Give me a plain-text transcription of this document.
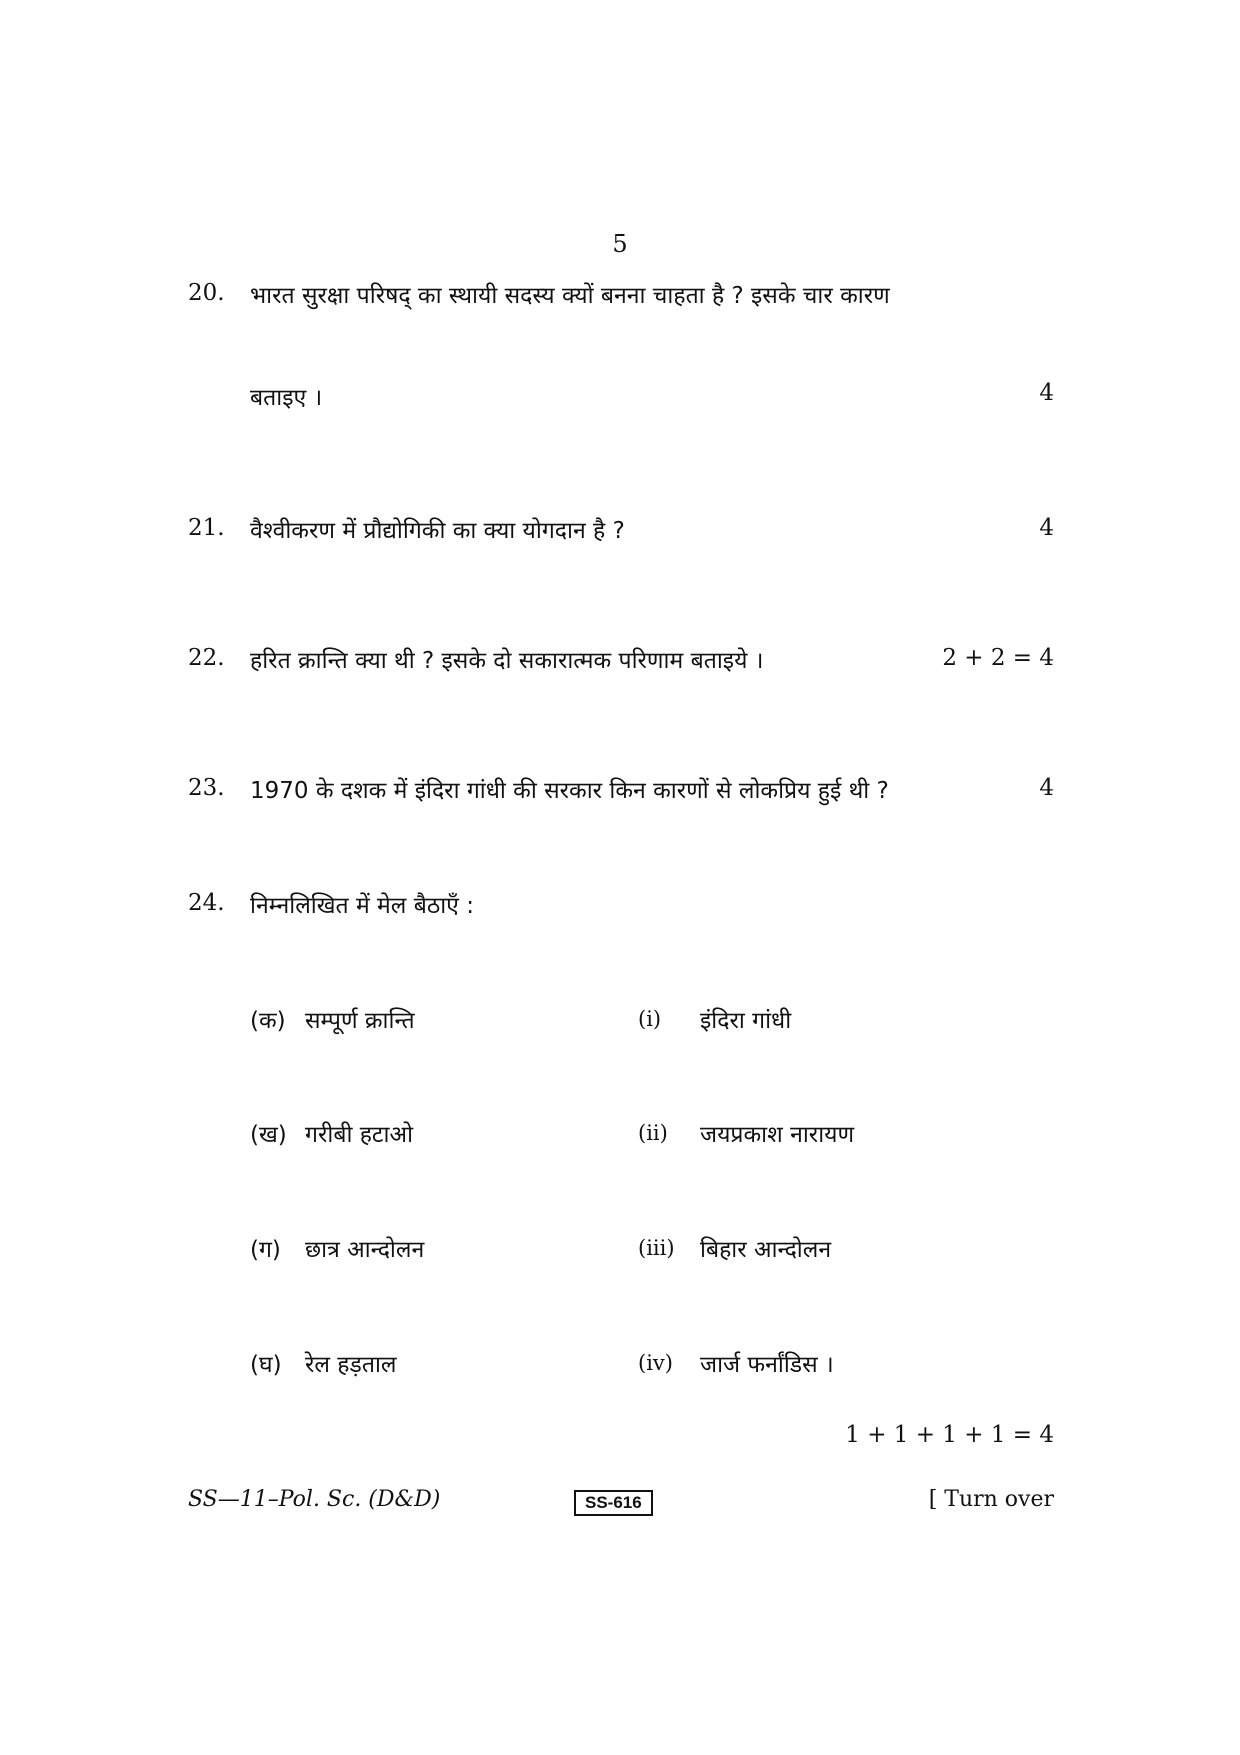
5
20. भारत सुरक्षा परिषद् का स्थायी सदस्य क्यों बनना चाहता है ? इसके चार कारण
बताइए ।	4
21. वैश्वीकरण में प्रौद्योगिकी का क्या योगदान है ?	4
22. हरित क्रान्ति क्या थी ? इसके दो सकारात्मक परिणाम बताइये ।	2 + 2 = 4
23. 1970 के दशक में इंदिरा गांधी की सरकार किन कारणों से लोकप्रिय हुई थी ?	4
24. निम्नलिखित में मेल बैठाएँ :
(क) सम्पूर्ण क्रान्ति	(i) इंदिरा गांधी
(ख) गरीबी हटाओ	(ii) जयप्रकाश नारायण
(ग) छात्र आन्दोलन	(iii) बिहार आन्दोलन
(घ) रेल हड़ताल	(iv) जार्ज फर्नांडिस ।
1 + 1 + 1 + 1 = 4
SS—11–Pol. Sc. (D&D)	SS-616	[ Turn over
